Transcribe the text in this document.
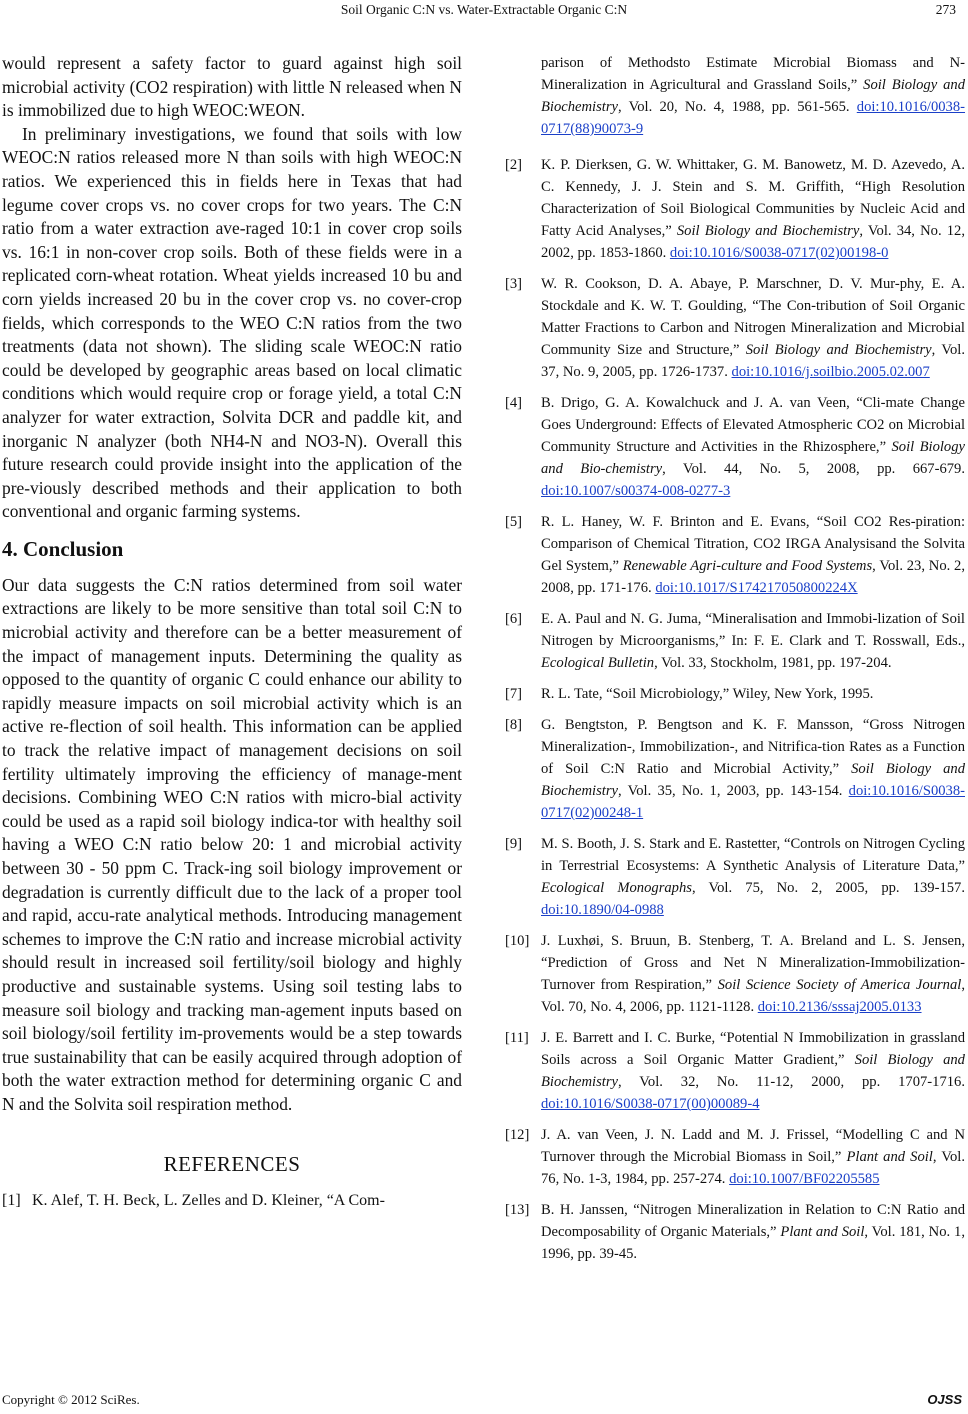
Soil Organic C:N vs. Water-Extractable Organic C:N	273

would represent a safety factor to guard against high soil microbial activity (CO2 respiration) with little N released when N is immobilized due to high WEOC:WEON.

In preliminary investigations, we found that soils with low WEOC:N ratios released more N than soils with high WEOC:N ratios. We experienced this in fields here in Texas that had legume cover crops vs. no cover crops for two years. The C:N ratio from a water extraction ave-raged 10:1 in cover crop soils vs. 16:1 in non-cover crop soils. Both of these fields were in a replicated corn-wheat rotation. Wheat yields increased 10 bu and corn yields increased 20 bu in the cover crop vs. no cover-crop fields, which corresponds to the WEO C:N ratios from the two treatments (data not shown). The sliding scale WEOC:N ratio could be developed by geographic areas based on local climatic conditions which would require crop or forage yield, a total C:N analyzer for water extraction, Solvita DCR and paddle kit, and inorganic N analyzer (both NH4-N and NO3-N). Overall this future research could provide insight into the application of the pre-viously described methods and their application to both conventional and organic farming systems.

4. Conclusion

Our data suggests the C:N ratios determined from soil water extractions are likely to be more sensitive than total soil C:N to microbial activity and therefore can be a better measurement of the impact of management inputs. Determining the quality as opposed to the quantity of organic C could enhance our ability to rapidly measure impacts on soil microbial activity which is an active re-flection of soil health. This information can be applied to track the relative impact of management decisions on soil fertility ultimately improving the efficiency of manage-ment decisions. Combining WEO C:N ratios with micro-bial activity could be used as a rapid soil biology indica-tor with healthy soil having a WEO C:N ratio below 20: 1 and microbial activity between 30 - 50 ppm C. Track-ing soil biology improvement or degradation is currently difficult due to the lack of a proper tool and rapid, accu-rate analytical methods. Introducing management schemes to improve the C:N ratio and increase microbial activity should result in increased soil fertility/soil biology and highly productive and sustainable systems. Using soil testing labs to measure soil biology and tracking man-agement inputs based on soil biology/soil fertility im-provements would be a step towards true sustainability that can be easily acquired through adoption of both the water extraction method for determining organic C and N and the Solvita soil respiration method.

REFERENCES
[1] K. Alef, T. H. Beck, L. Zelles and D. Kleiner, “A Com-
parison of Methodsto Estimate Microbial Biomass and N-Mineralization in Agricultural and Grassland Soils,” Soil Biology and Biochemistry, Vol. 20, No. 4, 1988, pp. 561-565. doi:10.1016/0038-0717(88)90073-9
[2] K. P. Dierksen, G. W. Whittaker, G. M. Banowetz, M. D. Azevedo, A. C. Kennedy, J. J. Stein and S. M. Griffith, “High Resolution Characterization of Soil Biological Communities by Nucleic Acid and Fatty Acid Analyses,” Soil Biology and Biochemistry, Vol. 34, No. 12, 2002, pp. 1853-1860. doi:10.1016/S0038-0717(02)00198-0
[3] W. R. Cookson, D. A. Abaye, P. Marschner, D. V. Mur-phy, E. A. Stockdale and K. W. T. Goulding, “The Con-tribution of Soil Organic Matter Fractions to Carbon and Nitrogen Mineralization and Microbial Community Size and Structure,” Soil Biology and Biochemistry, Vol. 37, No. 9, 2005, pp. 1726-1737. doi:10.1016/j.soilbio.2005.02.007
[4] B. Drigo, G. A. Kowalchuck and J. A. van Veen, “Cli-mate Change Goes Underground: Effects of Elevated Atmospheric CO2 on Microbial Community Structure and Activities in the Rhizosphere,” Soil Biology and Bio-chemistry, Vol. 44, No. 5, 2008, pp. 667-679. doi:10.1007/s00374-008-0277-3
[5] R. L. Haney, W. F. Brinton and E. Evans, “Soil CO2 Res-piration: Comparison of Chemical Titration, CO2 IRGA Analysisand the Solvita Gel System,” Renewable Agri-culture and Food Systems, Vol. 23, No. 2, 2008, pp. 171-176. doi:10.1017/S174217050800224X
[6] E. A. Paul and N. G. Juma, “Mineralisation and Immobi-lization of Soil Nitrogen by Microorganisms,” In: F. E. Clark and T. Rosswall, Eds., Ecological Bulletin, Vol. 33, Stockholm, 1981, pp. 197-204.
[7] R. L. Tate, “Soil Microbiology,” Wiley, New York, 1995.
[8] G. Bengtston, P. Bengtson and K. F. Mansson, “Gross Nitrogen Mineralization-, Immobilization-, and Nitrifica-tion Rates as a Function of Soil C:N Ratio and Microbial Activity,” Soil Biology and Biochemistry, Vol. 35, No. 1, 2003, pp. 143-154. doi:10.1016/S0038-0717(02)00248-1
[9] M. S. Booth, J. S. Stark and E. Rastetter, “Controls on Nitrogen Cycling in Terrestrial Ecosystems: A Synthetic Analysis of Literature Data,” Ecological Monographs, Vol. 75, No. 2, 2005, pp. 139-157. doi:10.1890/04-0988
[10] J. Luxhøi, S. Bruun, B. Stenberg, T. A. Breland and L. S. Jensen, “Prediction of Gross and Net N Mineralization-Immobilization-Turnover from Respiration,” Soil Science Society of America Journal, Vol. 70, No. 4, 2006, pp. 1121-1128. doi:10.2136/sssaj2005.0133
[11] J. E. Barrett and I. C. Burke, “Potential N Immobilization in grassland Soils across a Soil Organic Matter Gradient,” Soil Biology and Biochemistry, Vol. 32, No. 11-12, 2000, pp. 1707-1716. doi:10.1016/S0038-0717(00)00089-4
[12] J. A. van Veen, J. N. Ladd and M. J. Frissel, “Modelling C and N Turnover through the Microbial Biomass in Soil,” Plant and Soil, Vol. 76, No. 1-3, 1984, pp. 257-274. doi:10.1007/BF02205585
[13] B. H. Janssen, “Nitrogen Mineralization in Relation to C:N Ratio and Decomposability of Organic Materials,” Plant and Soil, Vol. 181, No. 1, 1996, pp. 39-45.
Copyright © 2012 SciRes.	OJSS
